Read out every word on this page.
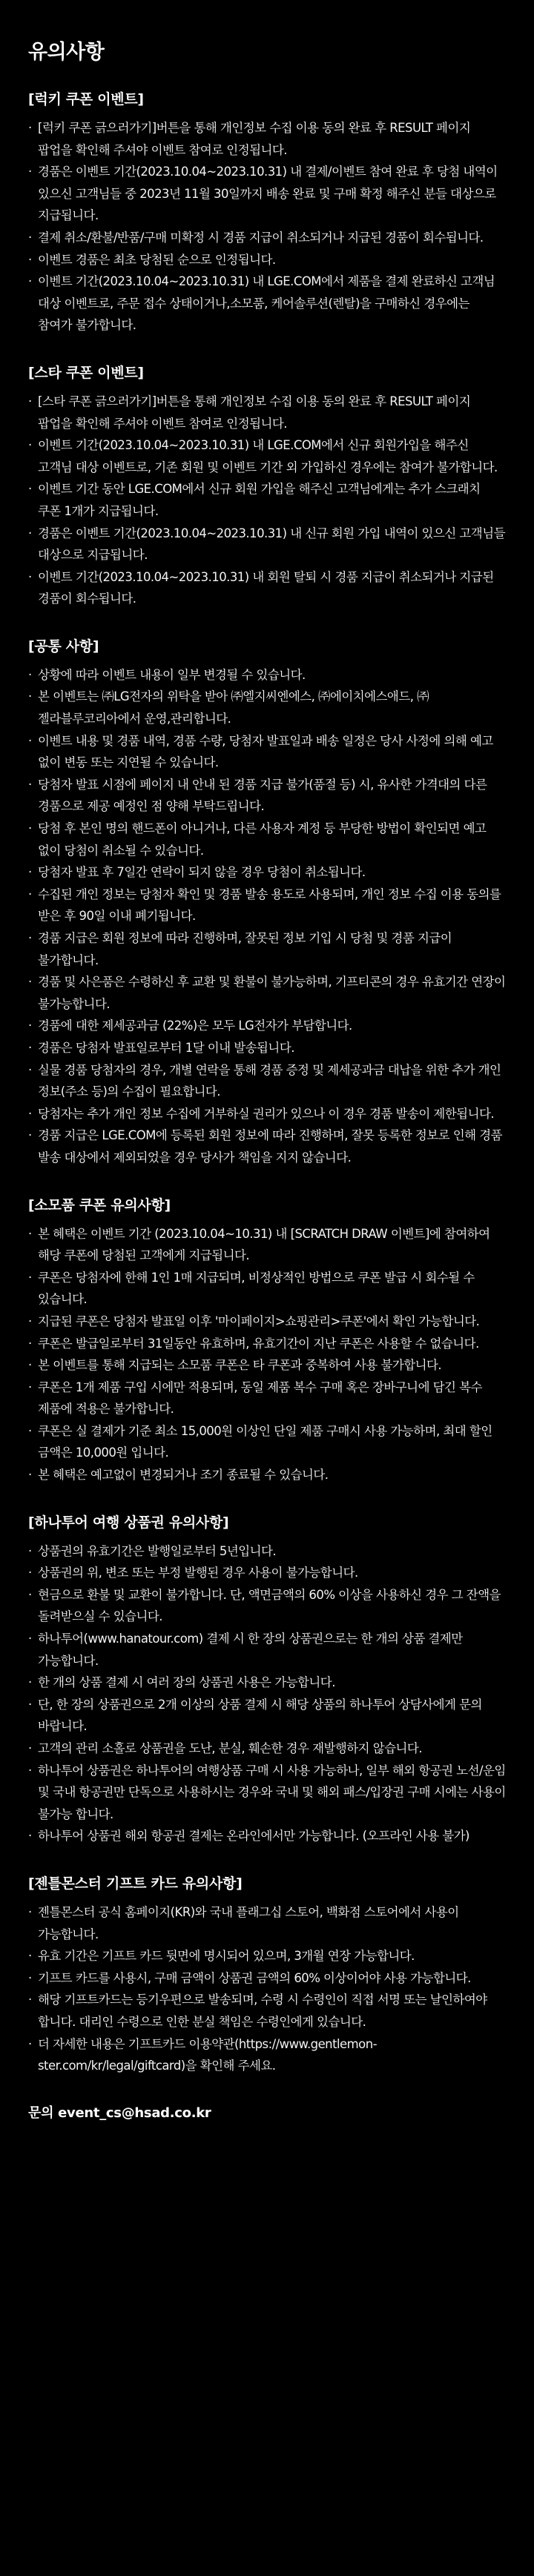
유의사항
[럭키 쿠폰 이벤트]
· [럭키 쿠폰 긁으러가기]버튼을 통해 개인정보 수집 이용 동의 완료 후 RESULT 페이지 팝업을 확인해 주셔야 이벤트 참여로 인정됩니다.
· 경품은 이벤트 기간(2023.10.04~2023.10.31) 내 결제/이벤트 참여 완료 후 당첨 내역이 있으신 고객님들 중 2023년 11월 30일까지 배송 완료 및 구매 확정 해주신 분들 대상으로 지급됩니다.
· 결제 취소/환불/반품/구매 미확정 시 경품 지급이 취소되거나 지급된 경품이 회수됩니다.
· 이벤트 경품은 최초 당첨된 순으로 인정됩니다.
· 이벤트 기간(2023.10.04~2023.10.31) 내 LGE.COM에서 제품을 결제 완료하신 고객님 대상 이벤트로, 주문 접수 상태이거나,소모품, 케어솔루션(렌탈)을 구매하신 경우에는 참여가 불가합니다.
[스타 쿠폰 이벤트]
· [스타 쿠폰 긁으러가기]버튼을 통해 개인정보 수집 이용 동의 완료 후 RESULT 페이지 팝업을 확인해 주셔야 이벤트 참여로 인정됩니다.
· 이벤트 기간(2023.10.04~2023.10.31) 내 LGE.COM에서 신규 회원가입을 해주신 고객님 대상 이벤트로, 기존 회원 및 이벤트 기간 외 가입하신 경우에는 참여가 불가합니다.
· 이벤트 기간 동안 LGE.COM에서 신규 회원 가입을 해주신 고객님에게는 추가 스크래치 쿠폰 1개가 지급됩니다.
· 경품은 이벤트 기간(2023.10.04~2023.10.31) 내 신규 회원 가입 내역이 있으신 고객님들 대상으로 지급됩니다.
· 이벤트 기간(2023.10.04~2023.10.31) 내 회원 탈퇴 시 경품 지급이 취소되거나 지급된 경품이 회수됩니다.
[공통 사항]
· 상황에 따라 이벤트 내용이 일부 변경될 수 있습니다.
· 본 이벤트는 ㈜LG전자의 위탁을 받아 ㈜엘지씨엔에스, ㈜에이치에스애드, ㈜젤라블루코리아에서 운영,관리합니다.
· 이벤트 내용 및 경품 내역, 경품 수량, 당첨자 발표일과 배송 일정은 당사 사정에 의해 예고 없이 변동 또는 지연될 수 있습니다.
· 당첨자 발표 시점에 페이지 내 안내 된 경품 지급 불가(품절 등) 시, 유사한 가격대의 다른 경품으로 제공 예정인 점 양해 부탁드립니다.
· 당첨 후 본인 명의 핸드폰이 아니거나, 다른 사용자 계정 등 부당한 방법이 확인되면 예고 없이 당첨이 취소될 수 있습니다.
· 당첨자 발표 후 7일간 연락이 되지 않을 경우 당첨이 취소됩니다.
· 수집된 개인 정보는 당첨자 확인 및 경품 발송 용도로 사용되며, 개인 정보 수집 이용 동의를 받은 후 90일 이내 폐기됩니다.
· 경품 지급은 회원 정보에 따라 진행하며, 잘못된 정보 기입 시 당첨 및 경품 지급이 불가합니다.
· 경품 및 사은품은 수령하신 후 교환 및 환불이 불가능하며, 기프티콘의 경우 유효기간 연장이 불가능합니다.
· 경품에 대한 제세공과금 (22%)은 모두 LG전자가 부담합니다.
· 경품은 당첨자 발표일로부터 1달 이내 발송됩니다.
· 실물 경품 당첨자의 경우, 개별 연락을 통해 경품 증정 및 제세공과금 대납을 위한 추가 개인 정보(주소 등)의 수집이 필요합니다.
· 당첨자는 추가 개인 정보 수집에 거부하실 권리가 있으나 이 경우 경품 발송이 제한됩니다.
· 경품 지급은 LGE.COM에 등록된 회원 정보에 따라 진행하며, 잘못 등록한 정보로 인해 경품 발송 대상에서 제외되었을 경우 당사가 책임을 지지 않습니다.
[소모품 쿠폰 유의사항]
· 본 혜택은 이벤트 기간 (2023.10.04~10.31) 내 [SCRATCH DRAW 이벤트]에 참여하여 해당 쿠폰에 당첨된 고객에게 지급됩니다.
· 쿠폰은 당첨자에 한해 1인 1매 지급되며, 비정상적인 방법으로 쿠폰 발급 시 회수될 수 있습니다.
· 지급된 쿠폰은 당첨자 발표일 이후 '마이페이지>쇼핑관리>쿠폰'에서 확인 가능합니다.
· 쿠폰은 발급일로부터 31일동안 유효하며, 유효기간이 지난 쿠폰은 사용할 수 없습니다.
· 본 이벤트를 통해 지급되는 소모품 쿠폰은 타 쿠폰과 중복하여 사용 불가합니다.
· 쿠폰은 1개 제품 구입 시에만 적용되며, 동일 제품 복수 구매 혹은 장바구니에 담긴 복수 제품에 적용은 불가합니다.
· 쿠폰은 실 결제가 기준 최소 15,000원 이상인 단일 제품 구매시 사용 가능하며, 최대 할인 금액은 10,000원 입니다.
· 본 혜택은 예고없이 변경되거나 조기 종료될 수 있습니다.
[하나투어 여행 상품권 유의사항]
· 상품권의 유효기간은 발행일로부터 5년입니다.
· 상품권의 위, 변조 또는 부정 발행된 경우 사용이 불가능합니다.
· 현금으로 환불 및 교환이 불가합니다. 단, 액면금액의 60% 이상을 사용하신 경우 그 잔액을 돌려받으실 수 있습니다.
· 하나투어(www.hanatour.com) 결제 시 한 장의 상품권으로는 한 개의 상품 결제만 가능합니다.
· 한 개의 상품 결제 시 여러 장의 상품권 사용은 가능합니다.
· 단, 한 장의 상품권으로 2개 이상의 상품 결제 시 해당 상품의 하나투어 상담사에게 문의 바랍니다.
· 고객의 관리 소홀로 상품권을 도난, 분실, 훼손한 경우 재발행하지 않습니다.
· 하나투어 상품권은 하나투어의 여행상품 구매 시 사용 가능하나, 일부 해외 항공권 노선/운임 및 국내 항공권만 단독으로 사용하시는 경우와 국내 및 해외 패스/입장권 구매 시에는 사용이 불가능 합니다.
· 하나투어 상품권 해외 항공권 결제는 온라인에서만 가능합니다. (오프라인 사용 불가)
[젠틀몬스터 기프트 카드 유의사항]
· 젠틀몬스터 공식 홈페이지(KR)와 국내 플래그십 스토어, 백화점 스토어에서 사용이 가능합니다.
· 유효 기간은 기프트 카드 뒷면에 명시되어 있으며, 3개월 연장 가능합니다.
· 기프트 카드를 사용시, 구매 금액이 상품권 금액의 60% 이상이어야 사용 가능합니다.
· 해당 기프트카드는 등기우편으로 발송되며, 수령 시 수령인이 직접 서명 또는 날인하여야 합니다. 대리인 수령으로 인한 분실 책임은 수령인에게 있습니다.
· 더 자세한 내용은 기프트카드 이용약관(https://www.gentlemon-ster.com/kr/legal/giftcard)을 확인해 주세요.
문의 event_cs@hsad.co.kr
